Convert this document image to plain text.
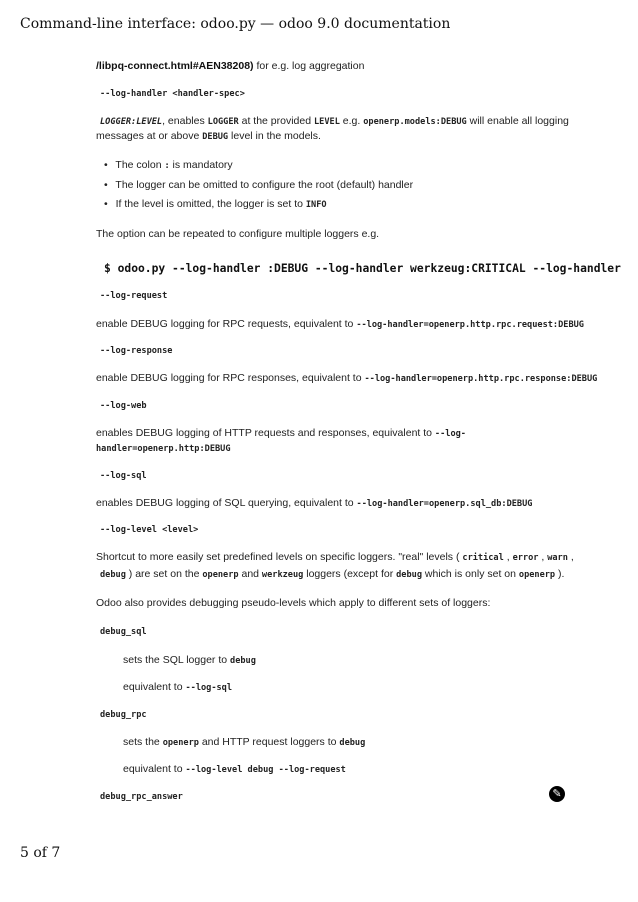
Command-line interface: odoo.py — odoo 9.0 documentation
/libpq-connect.html#AEN38208) for e.g. log aggregation
--log-handler <handler-spec>
LOGGER:LEVEL, enables LOGGER at the provided LEVEL e.g. openerp.models:DEBUG will enable all logging
messages at or above DEBUG level in the models.
• The colon : is mandatory
• The logger can be omitted to configure the root (default) handler
• If the level is omitted, the logger is set to INFO
The option can be repeated to configure multiple loggers e.g.
$ odoo.py --log-handler :DEBUG --log-handler werkzeug:CRITICAL --log-handler
--log-request
enable DEBUG logging for RPC requests, equivalent to --log-handler=openerp.http.rpc.request:DEBUG
--log-response
enable DEBUG logging for RPC responses, equivalent to --log-handler=openerp.http.rpc.response:DEBUG
--log-web
enables DEBUG logging of HTTP requests and responses, equivalent to --log-
handler=openerp.http:DEBUG
--log-sql
enables DEBUG logging of SQL querying, equivalent to --log-handler=openerp.sql_db:DEBUG
--log-level <level>
Shortcut to more easily set predefined levels on specific loggers. "real" levels ( critical , error , warn ,
debug ) are set on the openerp and werkzeug loggers (except for debug which is only set on openerp ).
Odoo also provides debugging pseudo-levels which apply to different sets of loggers:
debug_sql
sets the SQL logger to debug
equivalent to --log-sql
debug_rpc
sets the openerp and HTTP request loggers to debug
equivalent to --log-level debug --log-request
debug_rpc_answer	✎
5 of 7
